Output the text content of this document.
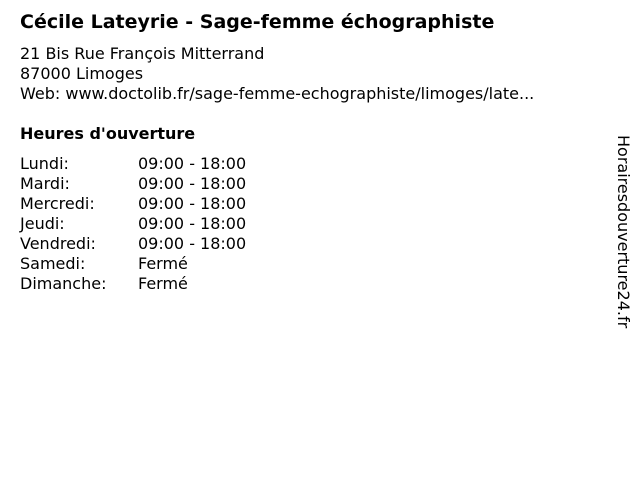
Cécile Lateyrie - Sage-femme échographiste
21 Bis Rue François Mitterrand
87000 Limoges
Web: www.doctolib.fr/sage-femme-echographiste/limoges/late...
Heures d'ouverture
Lundi:	09:00 - 18:00
Mardi:	09:00 - 18:00
Mercredi:	09:00 - 18:00
Jeudi:	09:00 - 18:00
Vendredi:	09:00 - 18:00
Samedi:	Fermé
Dimanche: Fermé	Horairesdouverture24.fr
